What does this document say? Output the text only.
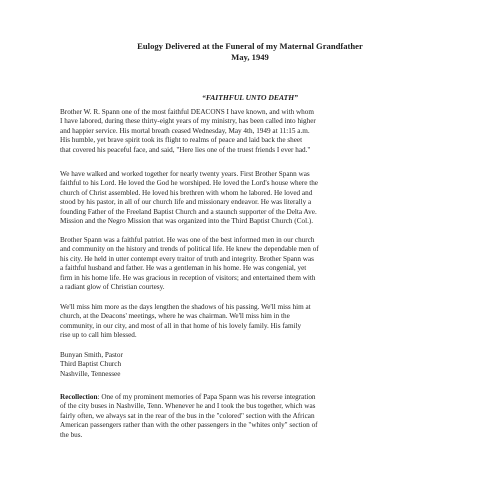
Eulogy Delivered at the Funeral of my Maternal Grandfather
May, 1949
“FAITHFUL UNTO DEATH”
Brother W. R. Spann one of the most faithful DEACONS I have known, and with whom
I have labored, during these thirty-eight years of my ministry, has been called into higher
and happier service. His mortal breath ceased Wednesday, May 4th, 1949 at 11:15 a.m.
His humble, yet brave spirit took its flight to realms of peace and laid back the sheet
that covered his peaceful face, and said, "Here lies one of the truest friends I ever had."
We have walked and worked together for nearly twenty years. First Brother Spann was
faithful to his Lord. He loved the God he worshiped. He loved the Lord's house where the
church of Christ assembled. He loved his brethren with whom he labored. He loved and
stood by his pastor, in all of our church life and missionary endeavor. He was literally a
founding Father of the Freeland Baptist Church and a staunch supporter of the Delta Ave.
Mission and the Negro Mission that was organized into the Third Baptist Church (Col.).
Brother Spann was a faithful patriot. He was one of the best informed men in our church
and community on the history and trends of political life. He knew the dependable men of
his city. He held in utter contempt every traitor of truth and integrity. Brother Spann was
a faithful husband and father. He was a gentleman in his home. He was congenial, yet
firm in his home life. He was gracious in reception of visitors; and entertained them with
a radiant glow of Christian courtesy.
We'll miss him more as the days lengthen the shadows of his passing. We'll miss him at
church, at the Deacons' meetings, where he was chairman. We'll miss him in the
community, in our city, and most of all in that home of his lovely family. His family
rise up to call him blessed.
Bunyan Smith, Pastor
Third Baptist Church
Nashville, Tennessee
Recollection: One of my prominent memories of Papa Spann was his reverse integration
of the city buses in Nashville, Tenn. Whenever he and I took the bus together, which was
fairly often, we always sat in the rear of the bus in the "colored" section with the African
American passengers rather than with the other passengers in the "whites only" section of
the bus.
